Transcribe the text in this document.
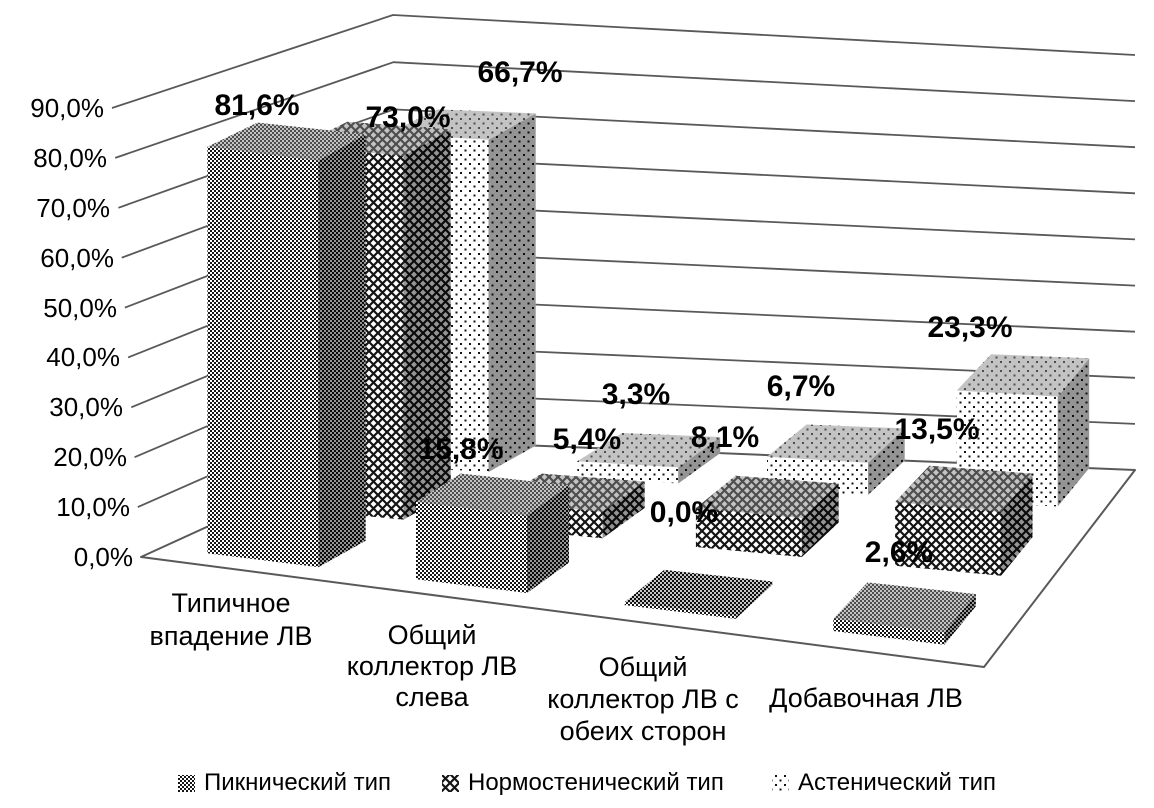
0,0%
10,0%
20,0%
30,0%
40,0%
50,0%
60,0%
70,0%
80,0%
90,0%
66,7%
3,3%	6,7%
23,3%
73,0%
5,4% 8,1%	13,5%
81,6%
15,8%
0,0%
2,6%
Типичное впадение ЛВ	Общий коллектор ЛВ слева
Общий коллектор ЛВ с обеих сторон
Добавочная ЛВ
Пикнический тип	Нормостенический тип	Астенический тип
